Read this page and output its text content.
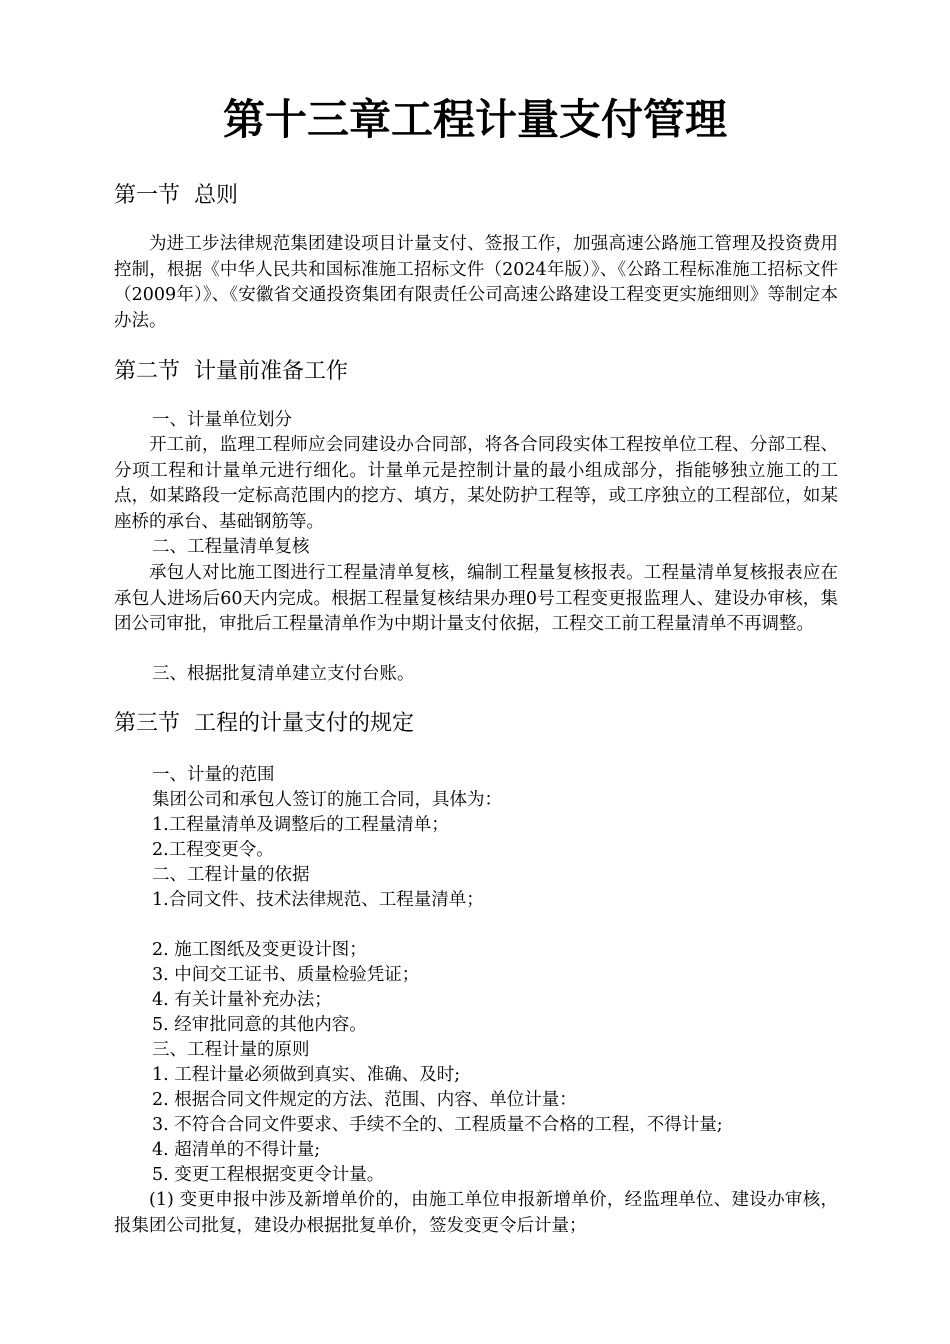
第十三章工程计量支付管理
第一节  总则
为进工步法律规范集团建设项目计量支付、签报工作，加强高速公路施工管理及投资费用控制，根据《中华人民共和国标准施工招标文件（2024年版）》、《公路工程标准施工招标文件（2009年）》、《安徽省交通投资集团有限责任公司高速公路建设工程变更实施细则》等制定本办法。
第二节  计量前准备工作
一、计量单位划分
开工前，监理工程师应会同建设办合同部，将各合同段实体工程按单位工程、分部工程、分项工程和计量单元进行细化。计量单元是控制计量的最小组成部分，指能够独立施工的工点，如某路段一定标高范围内的挖方、填方，某处防护工程等，或工序独立的工程部位，如某座桥的承台、基础钢筋等。
二、工程量清单复核
承包人对比施工图进行工程量清单复核，编制工程量复核报表。工程量清单复核报表应在承包人进场后60天内完成。根据工程量复核结果办理0号工程变更报监理人、建设办审核，集团公司审批，审批后工程量清单作为中期计量支付依据，工程交工前工程量清单不再调整。
三、根据批复清单建立支付台账。
第三节  工程的计量支付的规定
一、计量的范围
集团公司和承包人签订的施工合同，具体为：
1.工程量清单及调整后的工程量清单；
2.工程变更令。
二、工程计量的依据
1.合同文件、技术法律规范、工程量清单；
2. 施工图纸及变更设计图；
3. 中间交工证书、质量检验凭证；
4. 有关计量补充办法；
5. 经审批同意的其他内容。
三、工程计量的原则
1. 工程计量必须做到真实、准确、及时;
2. 根据合同文件规定的方法、范围、内容、单位计量：
3. 不符合合同文件要求、手续不全的、工程质量不合格的工程，不得计量;
4. 超清单的不得计量;
5. 变更工程根据变更令计量。
(1) 变更申报中涉及新增单价的，由施工单位申报新增单价，经监理单位、建设办审核，报集团公司批复，建设办根据批复单价，签发变更令后计量；
